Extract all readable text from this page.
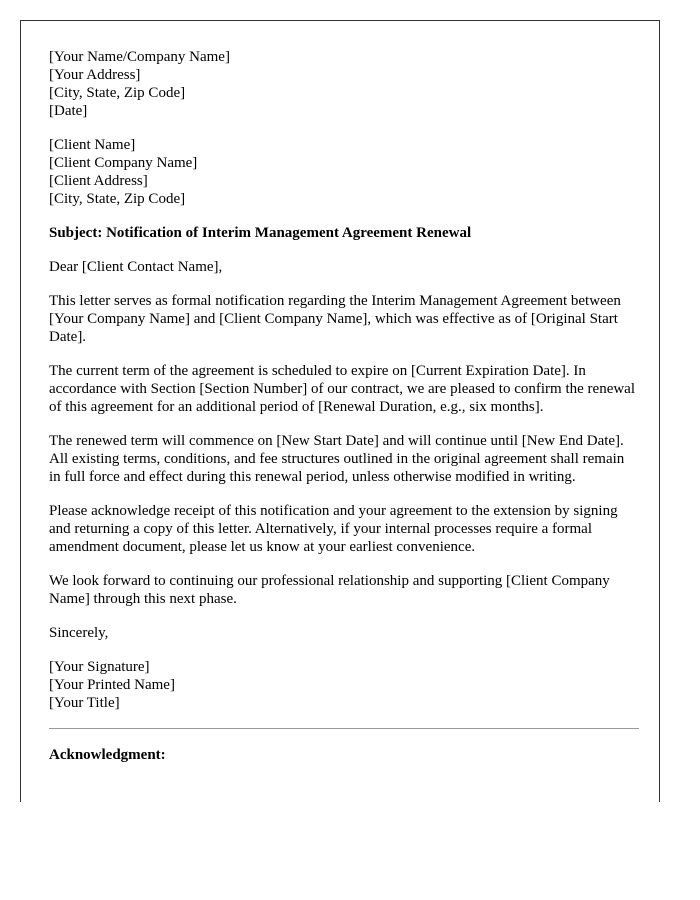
[Your Name/Company Name]
[Your Address]
[City, State, Zip Code]
[Date]
[Client Name]
[Client Company Name]
[Client Address]
[City, State, Zip Code]
Subject: Notification of Interim Management Agreement Renewal

Dear [Client Contact Name],

This letter serves as formal notification regarding the Interim Management Agreement between [Your Company Name] and [Client Company Name], which was effective as of [Original Start Date].

The current term of the agreement is scheduled to expire on [Current Expiration Date]. In accordance with Section [Section Number] of our contract, we are pleased to confirm the renewal of this agreement for an additional period of [Renewal Duration, e.g., six months].

The renewed term will commence on [New Start Date] and will continue until [New End Date]. All existing terms, conditions, and fee structures outlined in the original agreement shall remain in full force and effect during this renewal period, unless otherwise modified in writing.

Please acknowledge receipt of this notification and your agreement to the extension by signing and returning a copy of this letter. Alternatively, if your internal processes require a formal amendment document, please let us know at your earliest convenience.

We look forward to continuing our professional relationship and supporting [Client Company Name] through this next phase.

Sincerely,

[Your Signature]
[Your Printed Name]
[Your Title]
Acknowledgment:
